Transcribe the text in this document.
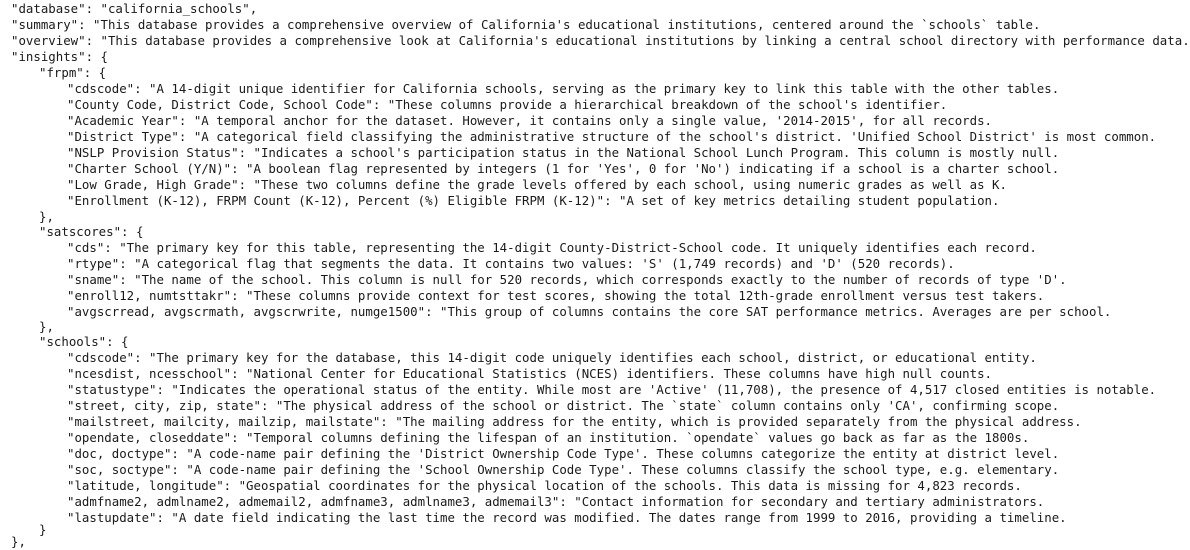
"database": "california_schools",
"summary": "This database provides a comprehensive overview of California's educational institutions, centered around the `schools` table.
"overview": "This database provides a comprehensive look at California's educational institutions by linking a central school directory with performance data.
"insights": {
"frpm": {
"cdscode": "A 14-digit unique identifier for California schools, serving as the primary key to link this table with the other tables.
"County Code, District Code, School Code": "These columns provide a hierarchical breakdown of the school's identifier.
"Academic Year": "A temporal anchor for the dataset. However, it contains only a single value, '2014-2015', for all records.
"District Type": "A categorical field classifying the administrative structure of the school's district. 'Unified School District' is most common.
"NSLP Provision Status": "Indicates a school's participation status in the National School Lunch Program. This column is mostly null.
"Charter School (Y/N)": "A boolean flag represented by integers (1 for 'Yes', 0 for 'No') indicating if a school is a charter school.
"Low Grade, High Grade": "These two columns define the grade levels offered by each school, using numeric grades as well as K.
"Enrollment (K-12), FRPM Count (K-12), Percent (%) Eligible FRPM (K-12)": "A set of key metrics detailing student population.
},
"satscores": {
"cds": "The primary key for this table, representing the 14-digit County-District-School code. It uniquely identifies each record.
"rtype": "A categorical flag that segments the data. It contains two values: 'S' (1,749 records) and 'D' (520 records).
"sname": "The name of the school. This column is null for 520 records, which corresponds exactly to the number of records of type 'D'.
"enroll12, numtsttakr": "These columns provide context for test scores, showing the total 12th-grade enrollment versus test takers.
"avgscrread, avgscrmath, avgscrwrite, numge1500": "This group of columns contains the core SAT performance metrics. Averages are per school.
},
"schools": {
"cdscode": "The primary key for the database, this 14-digit code uniquely identifies each school, district, or educational entity.
"ncesdist, ncesschool": "National Center for Educational Statistics (NCES) identifiers. These columns have high null counts.
"statustype": "Indicates the operational status of the entity. While most are 'Active' (11,708), the presence of 4,517 closed entities is notable.
"street, city, zip, state": "The physical address of the school or district. The `state` column contains only 'CA', confirming scope.
"mailstreet, mailcity, mailzip, mailstate": "The mailing address for the entity, which is provided separately from the physical address.
"opendate, closeddate": "Temporal columns defining the lifespan of an institution. `opendate` values go back as far as the 1800s.
"doc, doctype": "A code-name pair defining the 'District Ownership Code Type'. These columns categorize the entity at district level.
"soc, soctype": "A code-name pair defining the 'School Ownership Code Type'. These columns classify the school type, e.g. elementary.
"latitude, longitude": "Geospatial coordinates for the physical location of the schools. This data is missing for 4,823 records.
"admfname2, admlname2, admemail2, admfname3, admlname3, admemail3": "Contact information for secondary and tertiary administrators.
"lastupdate": "A date field indicating the last time the record was modified. The dates range from 1999 to 2016, providing a timeline.
}
},
